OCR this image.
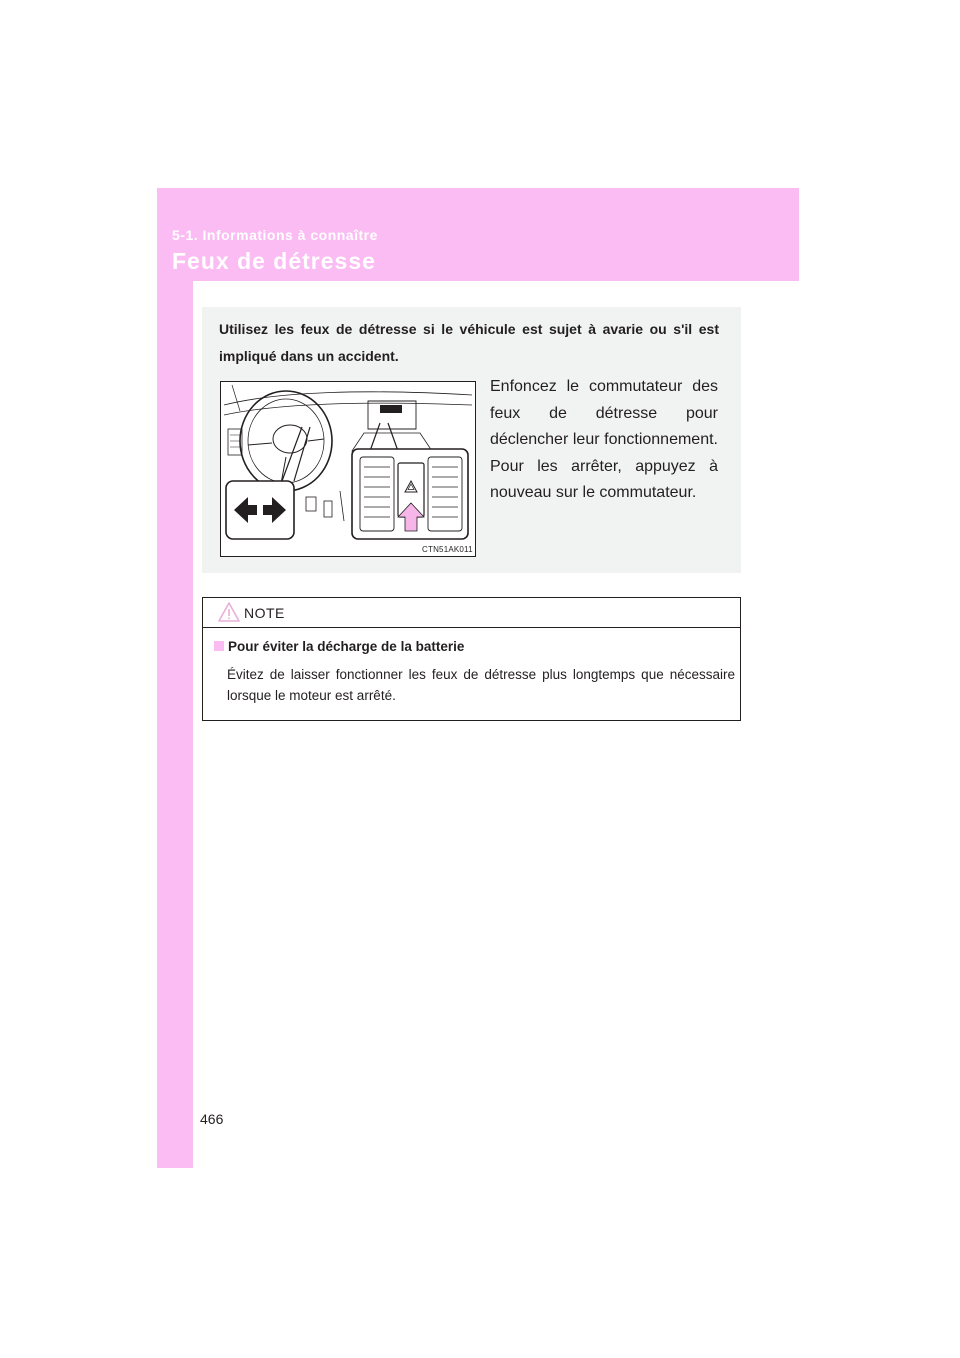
5-1. Informations à connaître
Feux de détresse
Utilisez les feux de détresse si le véhicule est sujet à avarie ou s'il est impliqué dans un accident.
CTN51AK011
Enfoncez le commutateur des feux de détresse pour déclencher leur fonctionnement. Pour les arrêter, appuyez à nouveau sur le commutateur.
NOTE
Pour éviter la décharge de la batterie
Évitez de laisser fonctionner les feux de détresse plus longtemps que nécessaire lorsque le moteur est arrêté.
466
